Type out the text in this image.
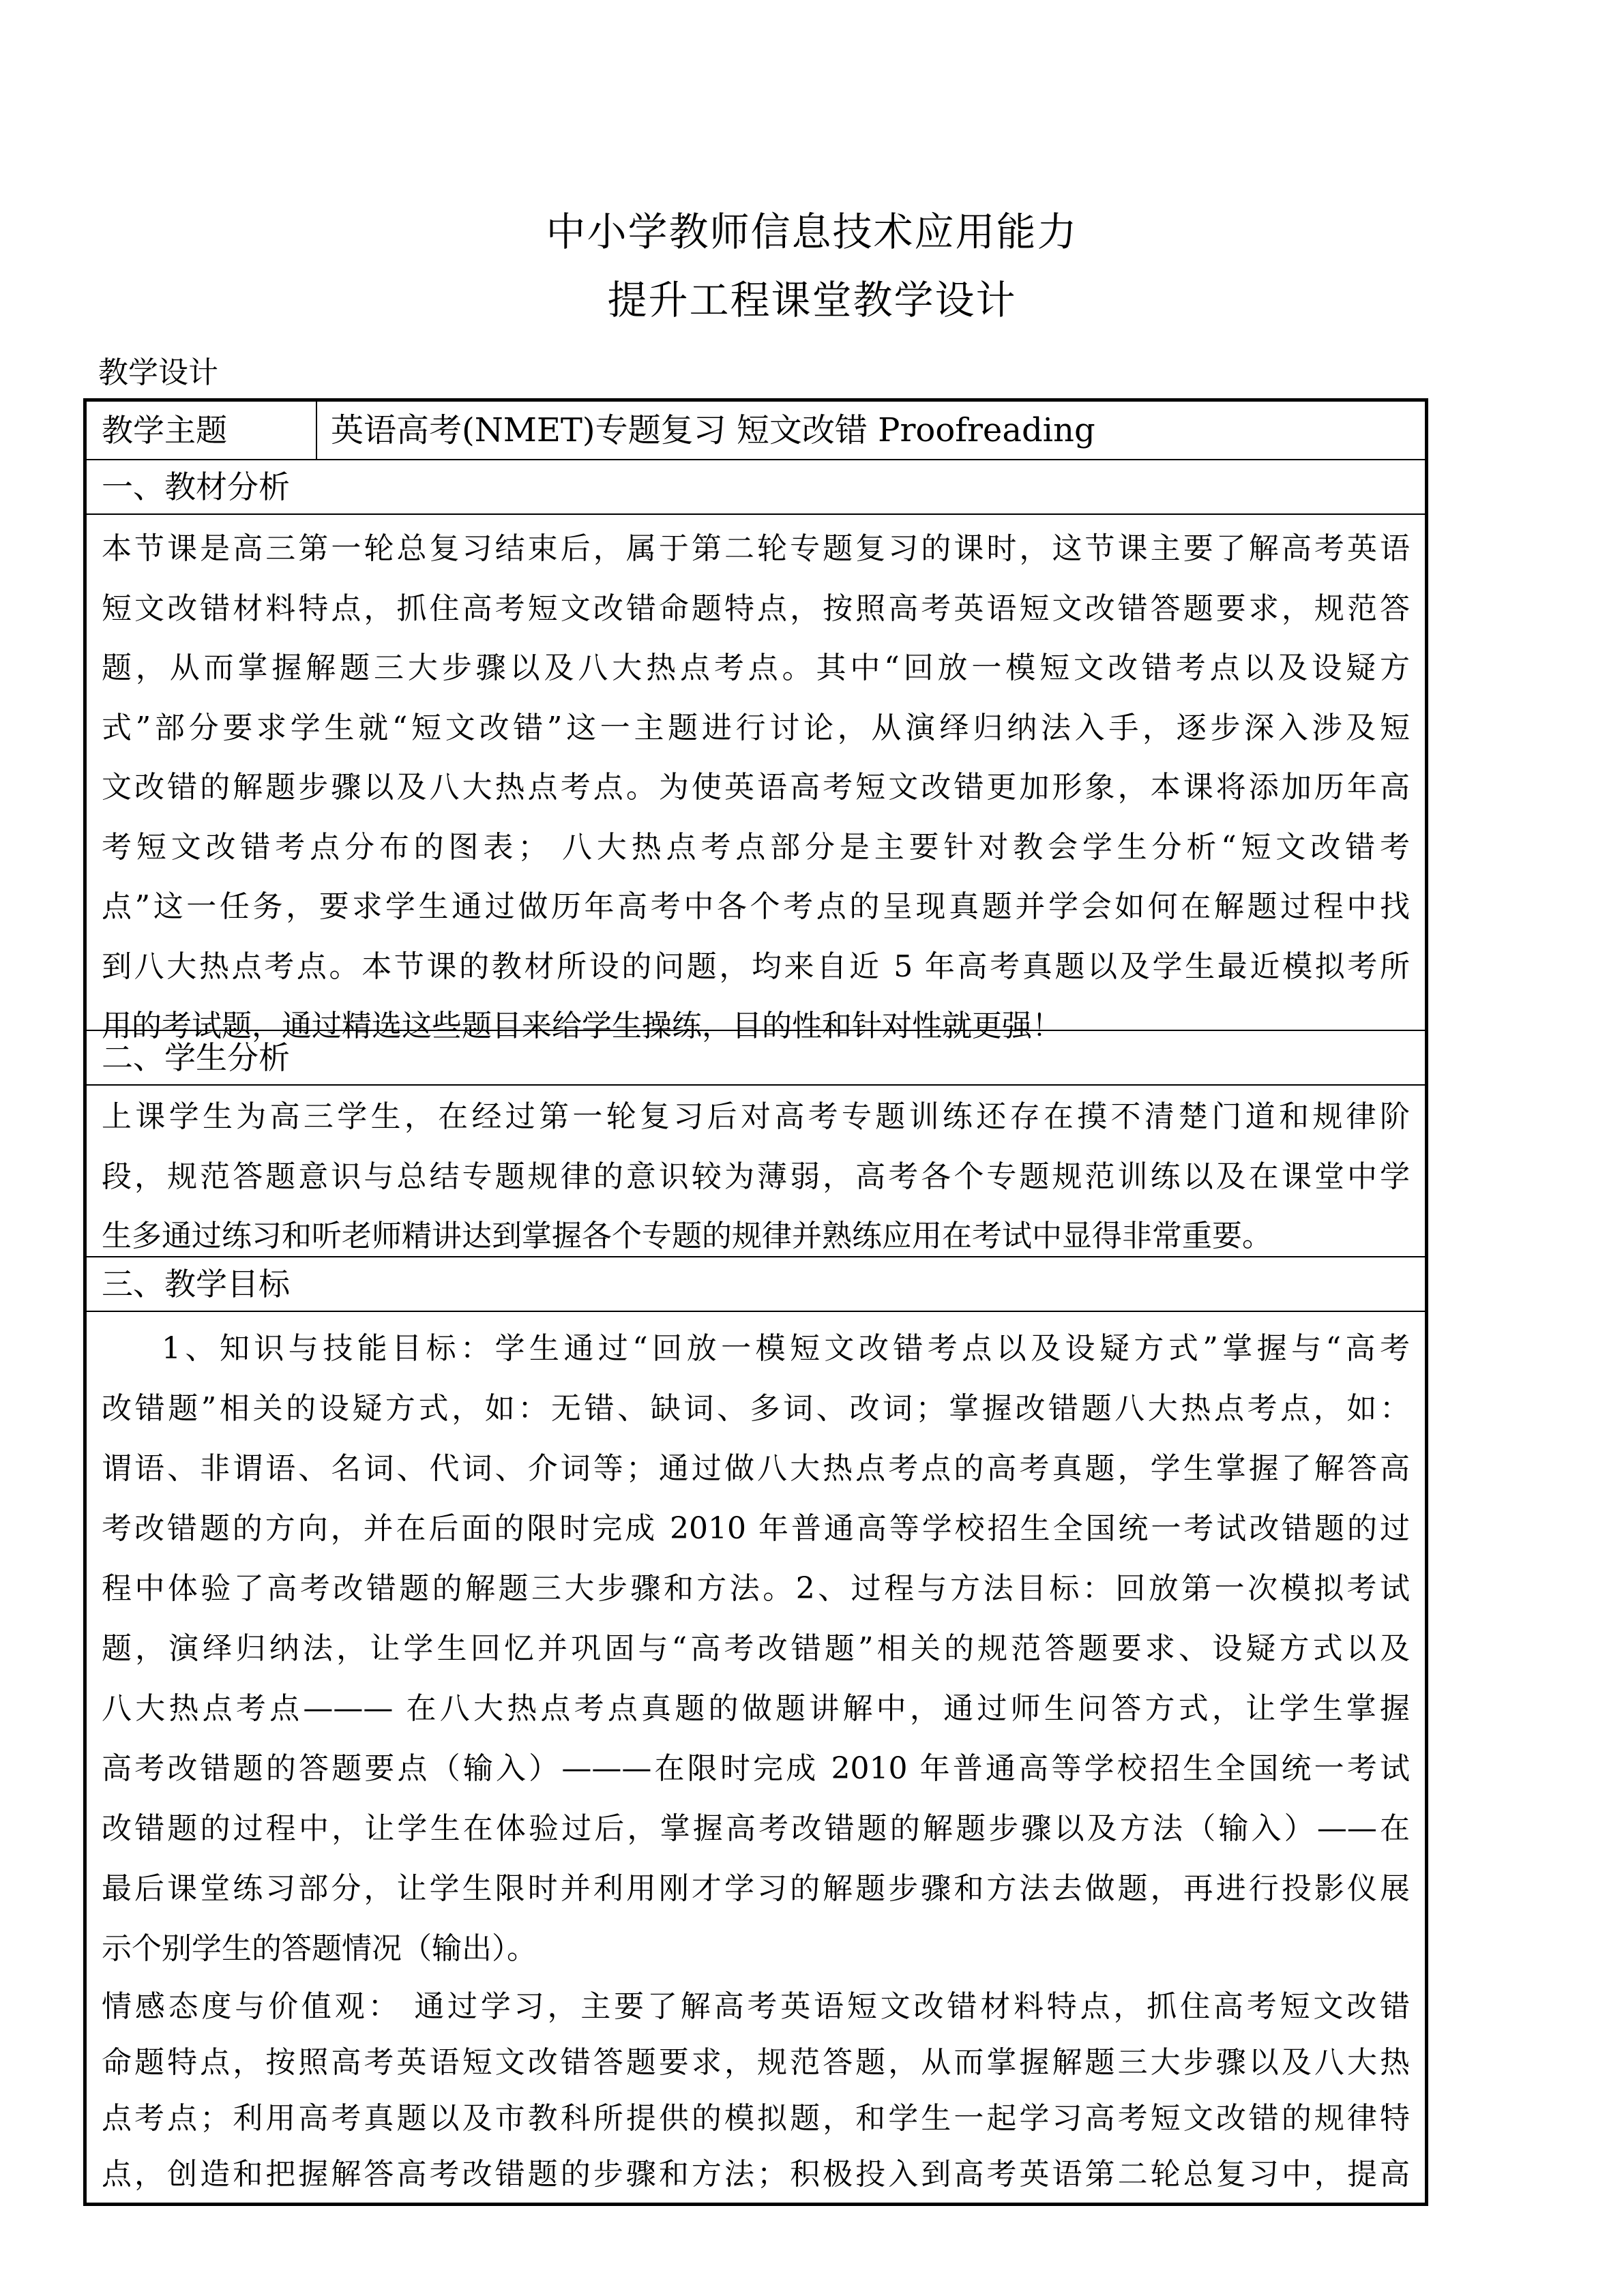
中小学教师信息技术应用能力
提升工程课堂教学设计
教学设计
教学主题	英语高考(NMET)专题复习 短文改错 Proofreading
一、教材分析
本节课是高三第一轮总复习结束后，属于第二轮专题复习的课时，这节课主要了解高考英语
短文改错材料特点，抓住高考短文改错命题特点，按照高考英语短文改错答题要求，规范答
题，从而掌握解题三大步骤以及八大热点考点。其中“回放一模短文改错考点以及设疑方
式”部分要求学生就“短文改错”这一主题进行讨论，从演绎归纳法入手，逐步深入涉及短
文改错的解题步骤以及八大热点考点。为使英语高考短文改错更加形象，本课将添加历年高
考短文改错考点分布的图表； 八大热点考点部分是主要针对教会学生分析“短文改错考
点”这一任务，要求学生通过做历年高考中各个考点的呈现真题并学会如何在解题过程中找
到八大热点考点。本节课的教材所设的问题，均来自近 5 年高考真题以及学生最近模拟考所
用的考试题，通过精选这些题目来给学生操练，目的性和针对性就更强！
二、学生分析
上课学生为高三学生，在经过第一轮复习后对高考专题训练还存在摸不清楚门道和规律阶
段，规范答题意识与总结专题规律的意识较为薄弱，高考各个专题规范训练以及在课堂中学
生多通过练习和听老师精讲达到掌握各个专题的规律并熟练应用在考试中显得非常重要。
三、教学目标
1、知识与技能目标：学生通过“回放一模短文改错考点以及设疑方式”掌握与“高考
改错题”相关的设疑方式，如：无错、缺词、多词、改词；掌握改错题八大热点考点，如：
谓语、非谓语、名词、代词、介词等；通过做八大热点考点的高考真题，学生掌握了解答高
考改错题的方向，并在后面的限时完成 2010 年普通高等学校招生全国统一考试改错题的过
程中体验了高考改错题的解题三大步骤和方法。2、过程与方法目标：回放第一次模拟考试
题，演绎归纳法，让学生回忆并巩固与“高考改错题”相关的规范答题要求、设疑方式以及
八大热点考点——— 在八大热点考点真题的做题讲解中，通过师生问答方式，让学生掌握
高考改错题的答题要点（输入）———在限时完成 2010 年普通高等学校招生全国统一考试
改错题的过程中，让学生在体验过后，掌握高考改错题的解题步骤以及方法（输入）——在
最后课堂练习部分，让学生限时并利用刚才学习的解题步骤和方法去做题，再进行投影仪展
示个别学生的答题情况（输出）。
情感态度与价值观： 通过学习，主要了解高考英语短文改错材料特点，抓住高考短文改错
命题特点，按照高考英语短文改错答题要求，规范答题，从而掌握解题三大步骤以及八大热
点考点；利用高考真题以及市教科所提供的模拟题，和学生一起学习高考短文改错的规律特
点，创造和把握解答高考改错题的步骤和方法；积极投入到高考英语第二轮总复习中，提高
